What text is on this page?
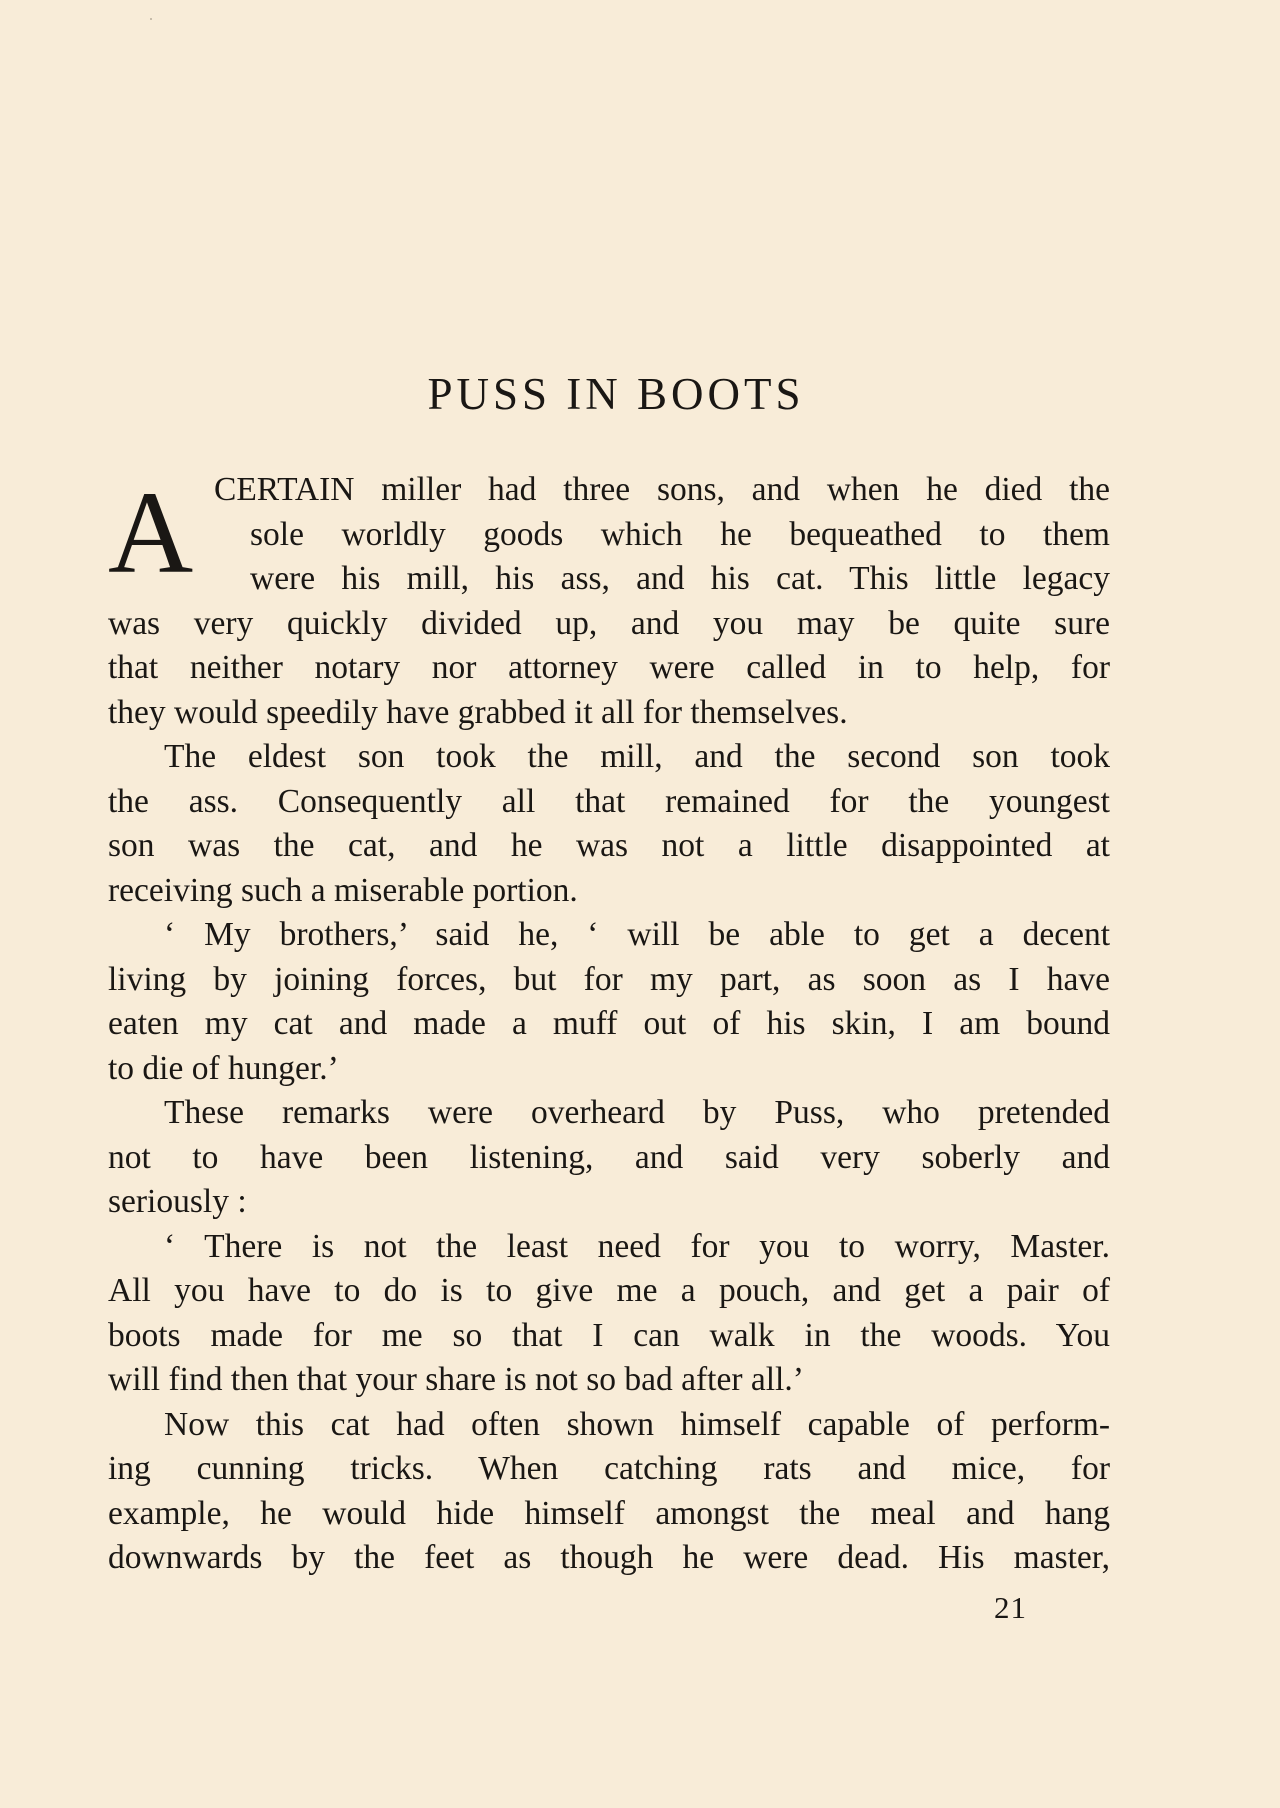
PUSS IN BOOTS
A CERTAIN miller had three sons, and when he died the
sole worldly goods which he bequeathed to them
were his mill, his ass, and his cat. This little legacy
was very quickly divided up, and you may be quite sure
that neither notary nor attorney were called in to help, for
they would speedily have grabbed it all for themselves.
The eldest son took the mill, and the second son took
the ass. Consequently all that remained for the youngest
son was the cat, and he was not a little disappointed at
receiving such a miserable portion.
‘ My brothers,’ said he, ‘ will be able to get a decent
living by joining forces, but for my part, as soon as I have
eaten my cat and made a muff out of his skin, I am bound
to die of hunger.’
These remarks were overheard by Puss, who pretended
not to have been listening, and said very soberly and
seriously :
‘ There is not the least need for you to worry, Master.
All you have to do is to give me a pouch, and get a pair of
boots made for me so that I can walk in the woods. You
will find then that your share is not so bad after all.’
Now this cat had often shown himself capable of perform-
ing cunning tricks. When catching rats and mice, for
example, he would hide himself amongst the meal and hang
downwards by the feet as though he were dead. His master,
21
